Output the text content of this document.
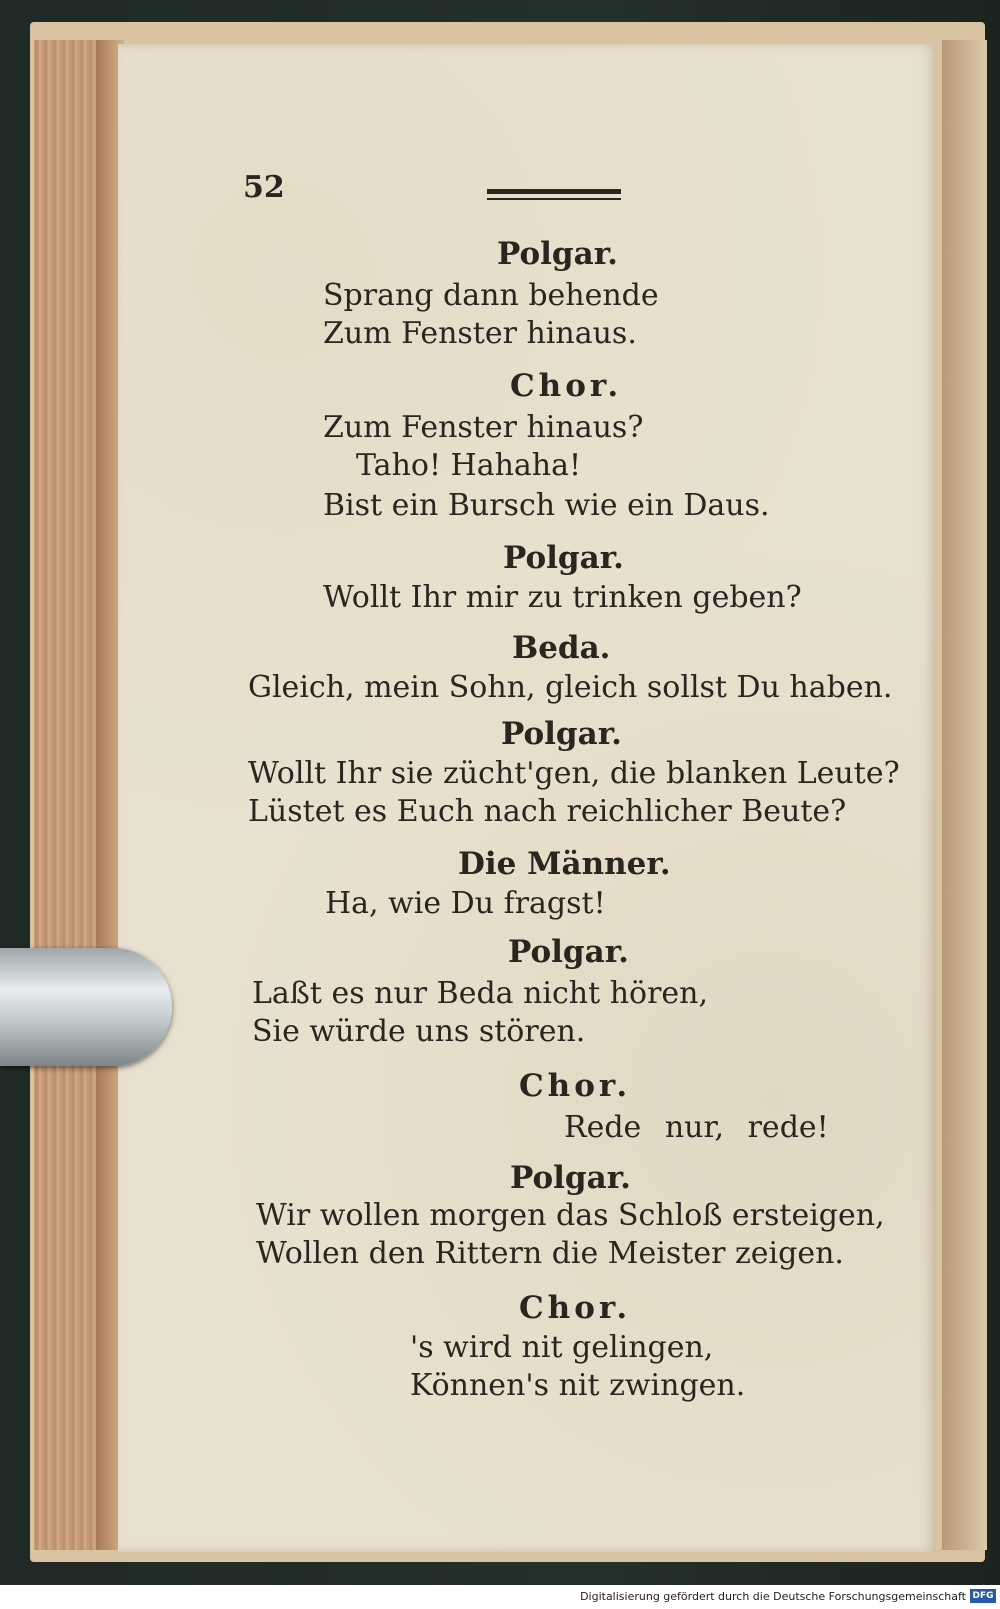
52
Polgar.
Sprang dann behende
Zum Fenster hinaus.
Chor.
Zum Fenster hinaus?
Taho! Hahaha!
Bist ein Bursch wie ein Daus.
Polgar.
Wollt Ihr mir zu trinken geben?
Beda.
Gleich, mein Sohn, gleich sollst Du haben.
Polgar.
Wollt Ihr sie zücht'gen, die blanken Leute?
Lüstet es Euch nach reichlicher Beute?
Die Männer.
Ha, wie Du fragst!
Polgar.
Laßt es nur Beda nicht hören,
Sie würde uns stören.
Chor.
Rede nur, rede!
Polgar.
Wir wollen morgen das Schloß ersteigen,
Wollen den Rittern die Meister zeigen.
Chor.
's wird nit gelingen,
Können's nit zwingen.
Digitalisierung gefördert durch die Deutsche Forschungsgemeinschaft DFG
